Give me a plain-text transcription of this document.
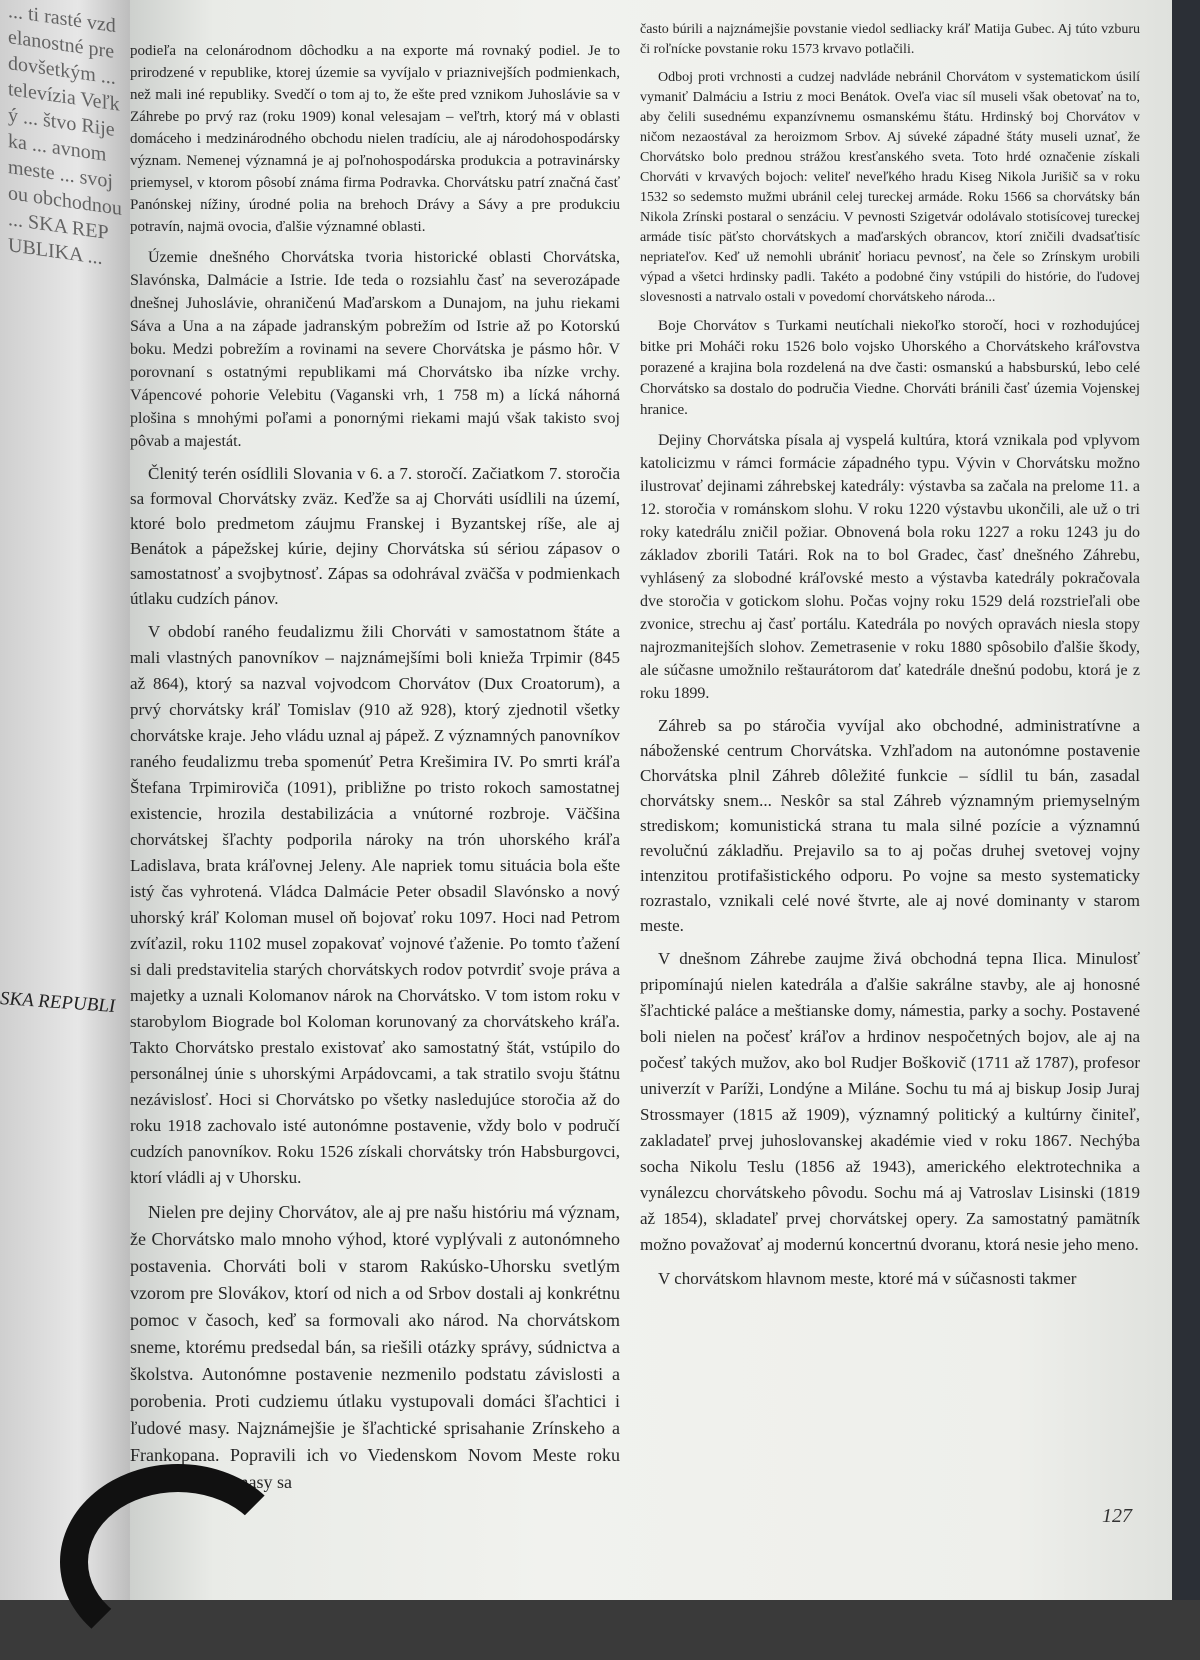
... ti rasté vzdelanostné predovšetkým ... televízia Veľký ... štvo Rijeka ... avnom meste ... svojou obchodnou ... SKA REPUBLIKA ...

SKA REPUBLI

podieľa na celonárodnom dôchodku a na exporte má rovnaký podiel. Je to prirodzené v republike, ktorej územie sa vyvíjalo v priaznivejších podmienkach, než mali iné republiky. Svedčí o tom aj to, že ešte pred vznikom Juhoslávie sa v Záhrebe po prvý raz (roku 1909) konal velesajam – veľtrh, ktorý má v oblasti domáceho i medzinárodného obchodu nielen tradíciu, ale aj národohospodársky význam. Nemenej významná je aj poľnohospodárska produkcia a potravinársky priemysel, v ktorom pôsobí známa firma Podravka. Chorvátsku patrí značná časť Panónskej nížiny, úrodné polia na brehoch Drávy a Sávy a pre produkciu potravín, najmä ovocia, ďalšie významné oblasti.

Územie dnešného Chorvátska tvoria historické oblasti Chorvátska, Slavónska, Dalmácie a Istrie. Ide teda o rozsiahlu časť na severozápade dnešnej Juhoslávie, ohraničenú Maďarskom a Dunajom, na juhu riekami Sáva a Una a na západe jadranským pobrežím od Istrie až po Kotorskú boku. Medzi pobrežím a rovinami na severe Chorvátska je pásmo hôr. V porovnaní s ostatnými republikami má Chorvátsko iba nízke vrchy. Vápencové pohorie Velebitu (Vaganski vrh, 1 758 m) a lícká náhorná plošina s mnohými poľami a ponornými riekami majú však takisto svoj pôvab a majestát.

Členitý terén osídlili Slovania v 6. a 7. storočí. Začiatkom 7. storočia sa formoval Chorvátsky zväz. Keďže sa aj Chorváti usídlili na území, ktoré bolo predmetom záujmu Franskej i Byzantskej ríše, ale aj Benátok a pápežskej kúrie, dejiny Chorvátska sú sériou zápasov o samostatnosť a svojbytnosť. Zápas sa odohrával zväčša v podmienkach útlaku cudzích pánov.

V období raného feudalizmu žili Chorváti v samostatnom štáte a mali vlastných panovníkov – najznámejšími boli knieža Trpimir (845 až 864), ktorý sa nazval vojvodcom Chorvátov (Dux Croatorum), a prvý chorvátsky kráľ Tomislav (910 až 928), ktorý zjednotil všetky chorvátske kraje. Jeho vládu uznal aj pápež. Z významných panovníkov raného feudalizmu treba spomenúť Petra Krešimira IV. Po smrti kráľa Štefana Trpimiroviča (1091), približne po tristo rokoch samostatnej existencie, hrozila destabilizácia a vnútorné rozbroje. Väčšina chorvátskej šľachty podporila nároky na trón uhorského kráľa Ladislava, brata kráľovnej Jeleny. Ale napriek tomu situácia bola ešte istý čas vyhrotená. Vládca Dalmácie Peter obsadil Slavónsko a nový uhorský kráľ Koloman musel oň bojovať roku 1097. Hoci nad Petrom zvíťazil, roku 1102 musel zopakovať vojnové ťaženie. Po tomto ťažení si dali predstavitelia starých chorvátskych rodov potvrdiť svoje práva a majetky a uznali Kolomanov nárok na Chorvátsko. V tom istom roku v starobylom Biograde bol Koloman korunovaný za chorvátskeho kráľa. Takto Chorvátsko prestalo existovať ako samostatný štát, vstúpilo do personálnej únie s uhorskými Arpádovcami, a tak stratilo svoju štátnu nezávislosť. Hoci si Chorvátsko po všetky nasledujúce storočia až do roku 1918 zachovalo isté autonómne postavenie, vždy bolo v područí cudzích panovníkov. Roku 1526 získali chorvátsky trón Habsburgovci, ktorí vládli aj v Uhorsku.

Nielen pre dejiny Chorvátov, ale aj pre našu históriu má význam, že Chorvátsko malo mnoho výhod, ktoré vyplývali z autonómneho postavenia. Chorváti boli v starom Rakúsko-Uhorsku svetlým vzorom pre Slovákov, ktorí od nich a od Srbov dostali aj konkrétnu pomoc v časoch, keď sa formovali ako národ. Na chorvátskom sneme, ktorému predsedal bán, sa riešili otázky správy, súdnictva a školstva. Autonómne postavenie nezmenilo podstatu závislosti a porobenia. Proti cudziemu útlaku vystupovali domáci šľachtici i ľudové masy. Najznámejšie je šľachtické sprisahanie Zrínskeho a Frankopana. Popravili ich vo Viedenskom Novom Meste roku 1671. Ľudové masy sa

často búrili a najznámejšie povstanie viedol sedliacky kráľ Matija Gubec. Aj túto vzburu či roľnícke povstanie roku 1573 krvavo potlačili.

Odboj proti vrchnosti a cudzej nadvláde nebránil Chorvátom v systematickom úsilí vymaniť Dalmáciu a Istriu z moci Benátok. Oveľa viac síl museli však obetovať na to, aby čelili susednému expanzívnemu osmanskému štátu. Hrdinský boj Chorvátov v ničom nezaostával za heroizmom Srbov. Aj súveké západné štáty museli uznať, že Chorvátsko bolo prednou strážou kresťanského sveta. Toto hrdé označenie získali Chorváti v krvavých bojoch: veliteľ neveľkého hradu Kiseg Nikola Jurišič sa v roku 1532 so sedemsto mužmi ubránil celej tureckej armáde. Roku 1566 sa chorvátsky bán Nikola Zrínski postaral o senzáciu. V pevnosti Szigetvár odolávalo stotisícovej tureckej armáde tisíc päťsto chorvátskych a maďarských obrancov, ktorí zničili dvadsaťtisíc nepriateľov. Keď už nemohli ubrániť horiacu pevnosť, na čele so Zrínskym urobili výpad a všetci hrdinsky padli. Takéto a podobné činy vstúpili do histórie, do ľudovej slovesnosti a natrvalo ostali v povedomí chorvátskeho národa...

Boje Chorvátov s Turkami neutíchali niekoľko storočí, hoci v rozhodujúcej bitke pri Moháči roku 1526 bolo vojsko Uhorského a Chorvátskeho kráľovstva porazené a krajina bola rozdelená na dve časti: osmanskú a habsburskú, lebo celé Chorvátsko sa dostalo do područia Viedne. Chorváti bránili časť územia Vojenskej hranice.

Dejiny Chorvátska písala aj vyspelá kultúra, ktorá vznikala pod vplyvom katolicizmu v rámci formácie západného typu. Vývin v Chorvátsku možno ilustrovať dejinami záhrebskej katedrály: výstavba sa začala na prelome 11. a 12. storočia v románskom slohu. V roku 1220 výstavbu ukončili, ale už o tri roky katedrálu zničil požiar. Obnovená bola roku 1227 a roku 1243 ju do základov zborili Tatári. Rok na to bol Gradec, časť dnešného Záhrebu, vyhlásený za slobodné kráľovské mesto a výstavba katedrály pokračovala dve storočia v gotickom slohu. Počas vojny roku 1529 delá rozstrieľali obe zvonice, strechu aj časť portálu. Katedrála po nových opravách niesla stopy najrozmanitejších slohov. Zemetrasenie v roku 1880 spôsobilo ďalšie škody, ale súčasne umožnilo reštaurátorom dať katedrále dnešnú podobu, ktorá je z roku 1899.

Záhreb sa po stáročia vyvíjal ako obchodné, administratívne a náboženské centrum Chorvátska. Vzhľadom na autonómne postavenie Chorvátska plnil Záhreb dôležité funkcie – sídlil tu bán, zasadal chorvátsky snem... Neskôr sa stal Záhreb významným priemyselným strediskom; komunistická strana tu mala silné pozície a významnú revolučnú základňu. Prejavilo sa to aj počas druhej svetovej vojny intenzitou protifašistického odporu. Po vojne sa mesto systematicky rozrastalo, vznikali celé nové štvrte, ale aj nové dominanty v starom meste.

V dnešnom Záhrebe zaujme živá obchodná tepna Ilica. Minulosť pripomínajú nielen katedrála a ďalšie sakrálne stavby, ale aj honosné šľachtické paláce a meštianske domy, námestia, parky a sochy. Postavené boli nielen na počesť kráľov a hrdinov nespočetných bojov, ale aj na počesť takých mužov, ako bol Rudjer Boškovič (1711 až 1787), profesor univerzít v Paríži, Londýne a Miláne. Sochu tu má aj biskup Josip Juraj Strossmayer (1815 až 1909), významný politický a kultúrny činiteľ, zakladateľ prvej juhoslovanskej akadémie vied v roku 1867. Nechýba socha Nikolu Teslu (1856 až 1943), amerického elektrotechnika a vynálezcu chorvátskeho pôvodu. Sochu má aj Vatroslav Lisinski (1819 až 1854), skladateľ prvej chorvátskej opery. Za samostatný pamätník možno považovať aj modernú koncertnú dvoranu, ktorá nesie jeho meno.

V chorvátskom hlavnom meste, ktoré má v súčasnosti takmer

127
